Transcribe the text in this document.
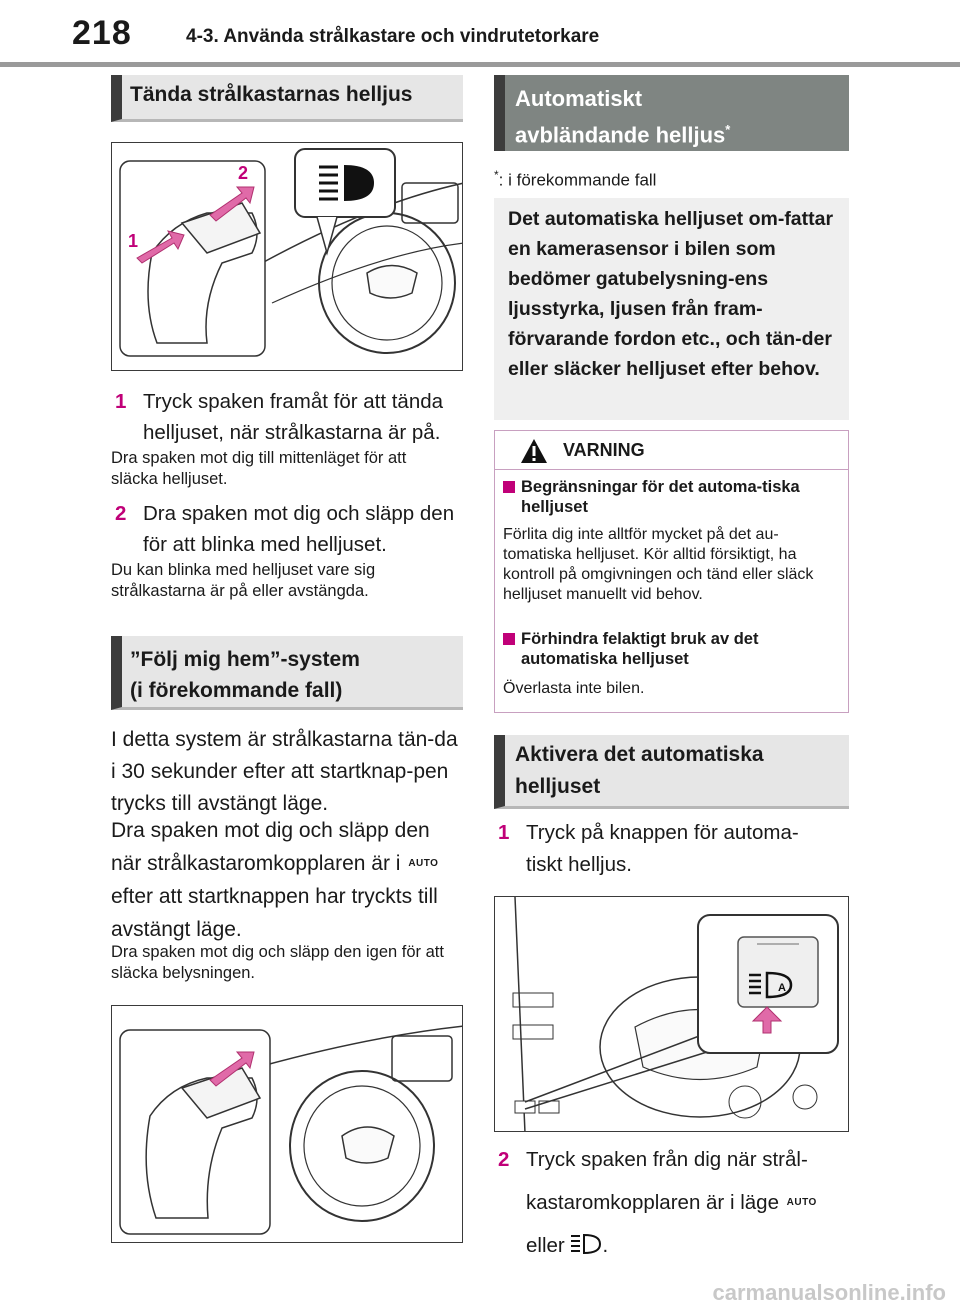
218	4-3. Använda strålkastare och vindrutetorkare
Tända strålkastarnas helljus
1
2
1 Tryck spaken framåt för att tända helljuset, när strålkastarna är på.
Dra spaken mot dig till mittenläget för att släcka helljuset.
2 Dra spaken mot dig och släpp den för att blinka med helljuset.
Du kan blinka med helljuset vare sig strålkastarna är på eller avstängda.
”Följ mig hem”-system
(i förekommande fall)
I detta system är strålkastarna tän-da i 30 sekunder efter att startknap-pen trycks till avstängt läge.
Dra spaken mot dig och släpp den
när strålkastaromkopplaren är i AUTO
efter att startknappen har tryckts till avstängt läge.
Dra spaken mot dig och släpp den igen för att släcka belysningen.
Automatiskt
avbländande helljus*
*: i förekommande fall
Det automatiska helljuset om-fattar en kamerasensor i bilen som bedömer gatubelysning-ens ljusstyrka, ljusen från fram-förvarande fordon etc., och tän-der eller släcker helljuset efter behov.
VARNING
Begränsningar för det automa-tiska helljuset
Förlita dig inte alltför mycket på det au-tomatiska helljuset. Kör alltid försiktigt, ha kontroll på omgivningen och tänd eller släck helljuset manuellt vid behov.
Förhindra felaktigt bruk av det automatiska helljuset
Överlasta inte bilen.
Aktivera det automatiska
helljuset
1 Tryck på knappen för automa-tiskt helljus.
A
2 Tryck spaken från dig när strål-
kastaromkopplaren är i läge AUTO
eller .
carmanualsonline.info
